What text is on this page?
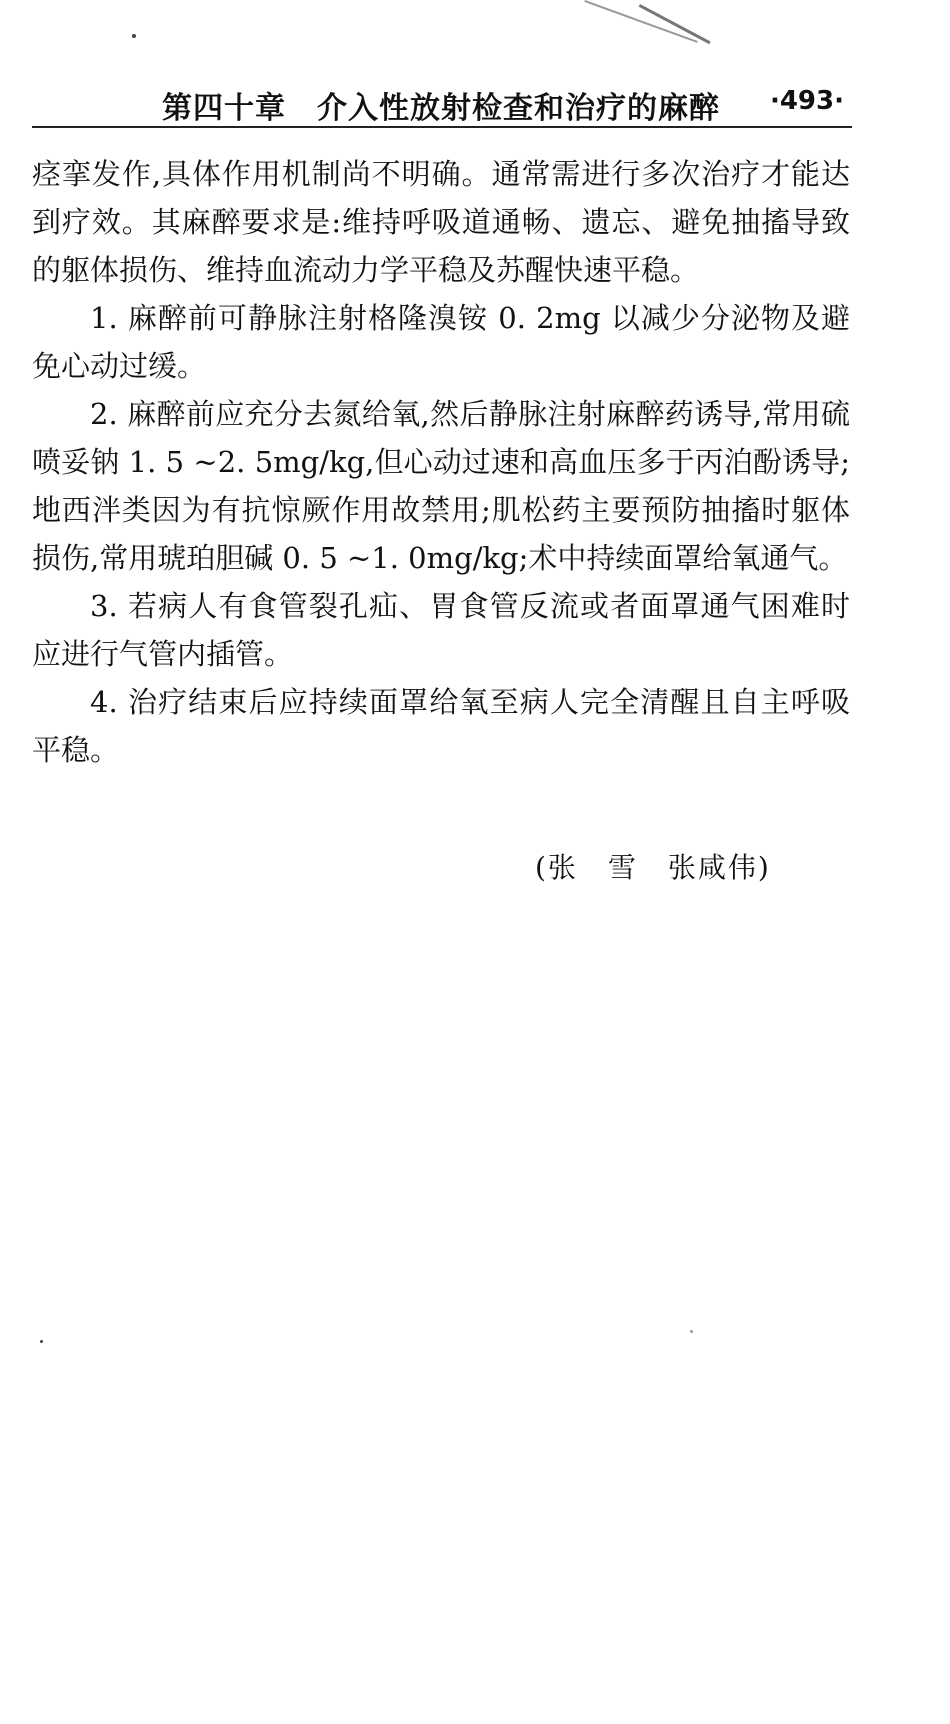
第四十章　介入性放射检查和治疗的麻醉 ·493·

痉挛发作,具体作用机制尚不明确。通常需进行多次治疗才能达到疗效。其麻醉要求是:维持呼吸道通畅、遗忘、避免抽搐导致的躯体损伤、维持血流动力学平稳及苏醒快速平稳。

1. 麻醉前可静脉注射格隆溴铵 0. 2mg 以减少分泌物及避免心动过缓。

2. 麻醉前应充分去氮给氧,然后静脉注射麻醉药诱导,常用硫喷妥钠 1. 5 ~2. 5mg/kg,但心动过速和高血压多于丙泊酚诱导;地西泮类因为有抗惊厥作用故禁用;肌松药主要预防抽搐时躯体损伤,常用琥珀胆碱 0. 5 ~1. 0mg/kg;术中持续面罩给氧通气。

3. 若病人有食管裂孔疝、胃食管反流或者面罩通气困难时应进行气管内插管。

4. 治疗结束后应持续面罩给氧至病人完全清醒且自主呼吸平稳。

(张　雪　张咸伟)
